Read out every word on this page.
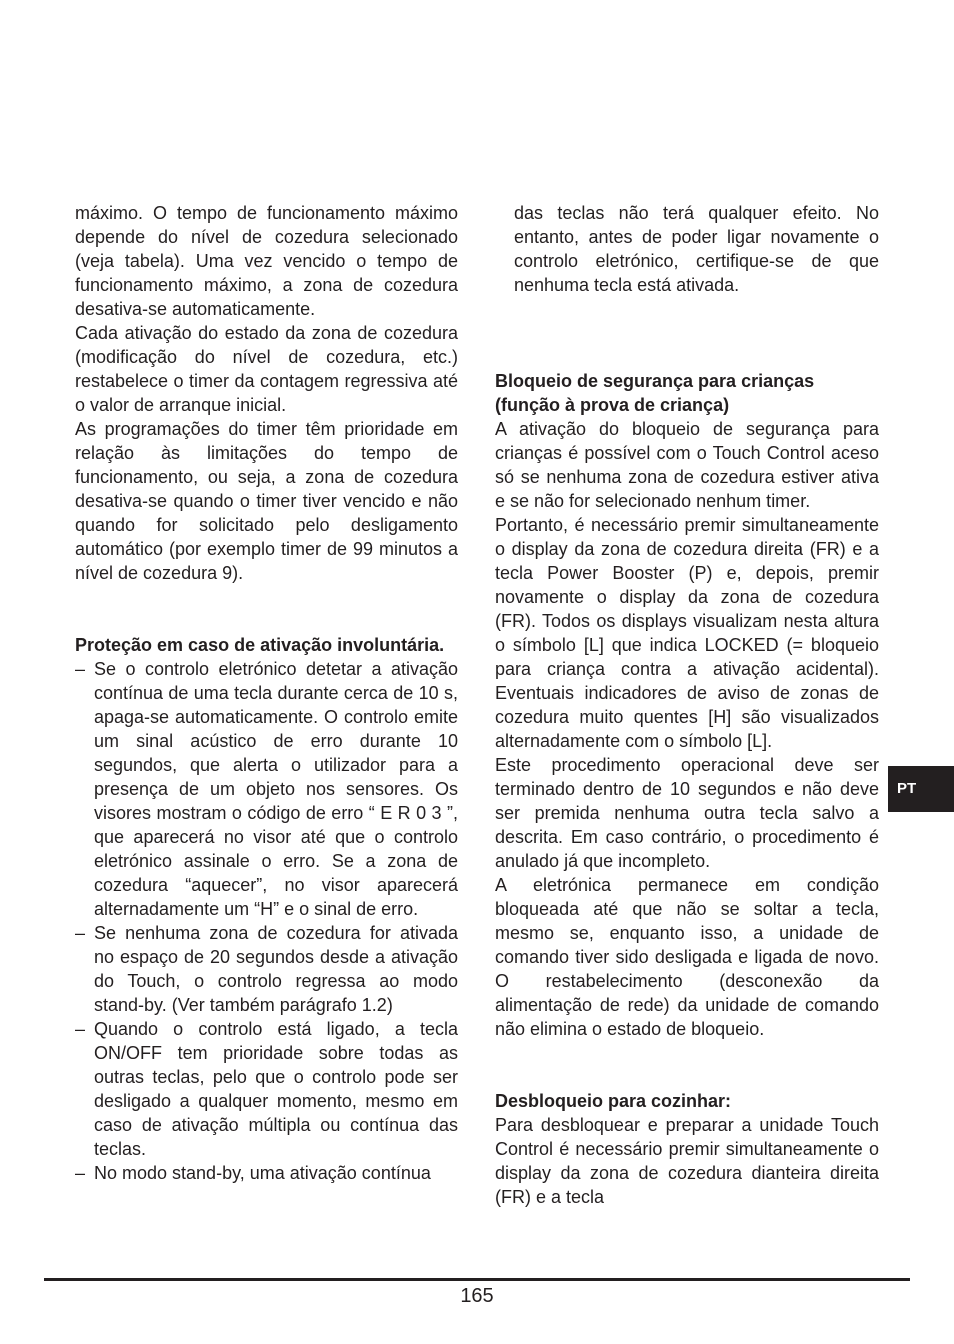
máximo. O tempo de funcionamento máximo depende do nível de cozedura selecionado (veja tabela). Uma vez vencido o tempo de funcionamento máximo, a zona de cozedura desativa-se automaticamente.

Cada ativação do estado da zona de cozedura (modificação do nível de cozedura, etc.) restabelece o timer da contagem regressiva até o valor de arranque inicial.

As programações do timer têm prioridade em relação às limitações do tempo de funcionamento, ou seja, a zona de cozedura desativa-se quando o timer tiver vencido e não quando for solicitado pelo desligamento automático (por exemplo timer de 99 minutos a nível de cozedura 9).

Proteção em caso de ativação involuntária.

– Se o controlo eletrónico detetar a ativação contínua de uma tecla durante cerca de 10 s, apaga-se automaticamente. O controlo emite um sinal acústico de erro durante 10 segundos, que alerta o utilizador para a presença de um objeto nos sensores. Os visores mostram o código de erro “ E R 0 3 ”, que aparecerá no visor até que o controlo eletrónico assinale o erro. Se a zona de cozedura “aquecer”, no visor aparecerá alternadamente um “H” e o sinal de erro.
– Se nenhuma zona de cozedura for ativada no espaço de 20 segundos desde a ativação do Touch, o controlo regressa ao modo stand-by. (Ver também parágrafo 1.2)
– Quando o controlo está ligado, a tecla ON/OFF tem prioridade sobre todas as outras teclas, pelo que o controlo pode ser desligado a qualquer momento, mesmo em caso de ativação múltipla ou contínua das teclas.
– No modo stand-by, uma ativação contínua

das teclas não terá qualquer efeito. No entanto, antes de poder ligar novamente o controlo eletrónico, certifique-se de que nenhuma tecla está ativada.

Bloqueio de segurança para crianças

(função à prova de criança)

A ativação do bloqueio de segurança para crianças é possível com o Touch Control aceso só se nenhuma zona de cozedura estiver ativa e se não for selecionado nenhum timer.

Portanto, é necessário premir simultaneamente o display da zona de cozedura direita (FR) e a tecla Power Booster (P) e, depois, premir novamente o display da zona de cozedura (FR). Todos os displays visualizam nesta altura o símbolo [L] que indica LOCKED (= bloqueio para criança contra a ativação acidental). Eventuais indicadores de aviso de zonas de cozedura muito quentes [H] são visualizados alternadamente com o símbolo [L].

Este procedimento operacional deve ser terminado dentro de 10 segundos e não deve ser premida nenhuma outra tecla salvo a descrita. Em caso contrário, o procedimento é anulado já que incompleto.

A eletrónica permanece em condição bloqueada até que não se soltar a tecla, mesmo se, enquanto isso, a unidade de comando tiver sido desligada e ligada de novo. O restabelecimento (desconexão da alimentação de rede) da unidade de comando não elimina o estado de bloqueio.

Desbloqueio para cozinhar:

Para desbloquear e preparar a unidade Touch Control é necessário premir simultaneamente o display da zona de cozedura dianteira direita (FR) e a tecla

PT
165
